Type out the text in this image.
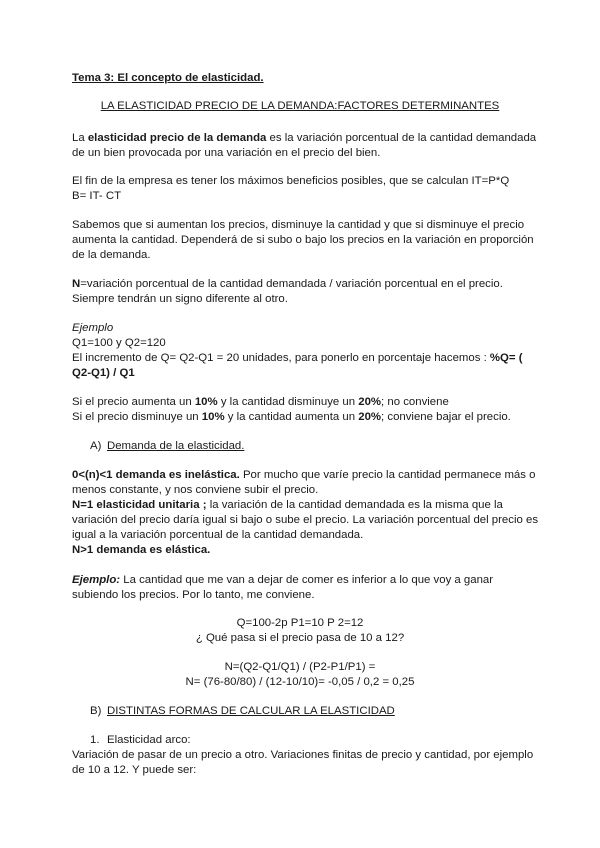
Tema 3: El concepto de elasticidad.
LA ELASTICIDAD PRECIO DE LA DEMANDA:FACTORES DETERMINANTES
La elasticidad precio de la demanda es la variación porcentual de la cantidad demandada
de un bien provocada por una variación en el precio del bien.
El fin de la empresa es tener los máximos beneficios posibles, que se calculan IT=P*Q
B= IT- CT
Sabemos que si aumentan los precios, disminuye la cantidad y que si disminuye el precio
aumenta la cantidad. Dependerá de si subo o bajo los precios en la variación en proporción
de la demanda.
N=variación porcentual de la cantidad demandada / variación porcentual en el precio.
Siempre tendrán un signo diferente al otro.
Ejemplo
Q1=100 y Q2=120
El incremento de Q= Q2-Q1 = 20 unidades, para ponerlo en porcentaje hacemos : %Q= (
Q2-Q1) / Q1
Si el precio aumenta un 10% y la cantidad disminuye un 20%; no conviene
Si el precio disminuye un 10% y la cantidad aumenta un 20%; conviene bajar el precio.
A) Demanda de la elasticidad.
0<(n)<1 demanda es inelástica. Por mucho que varíe precio la cantidad permanece más o
menos constante, y nos conviene subir el precio.
N=1 elasticidad unitaria ; la variación de la cantidad demandada es la misma que la
variación del precio daría igual si bajo o sube el precio. La variación porcentual del precio es
igual a la variación porcentual de la cantidad demandada.
N>1 demanda es elástica.
Ejemplo: La cantidad que me van a dejar de comer es inferior a lo que voy a ganar
subiendo los precios. Por lo tanto, me conviene.
Q=100-2p P1=10 P 2=12
¿ Qué pasa si el precio pasa de 10 a 12?
N=(Q2-Q1/Q1) / (P2-P1/P1) =
N= (76-80/80) / (12-10/10)= -0,05 / 0,2 = 0,25
B) DISTINTAS FORMAS DE CALCULAR LA ELASTICIDAD
1. Elasticidad arco:
Variación de pasar de un precio a otro. Variaciones finitas de precio y cantidad, por ejemplo
de 10 a 12. Y puede ser:
